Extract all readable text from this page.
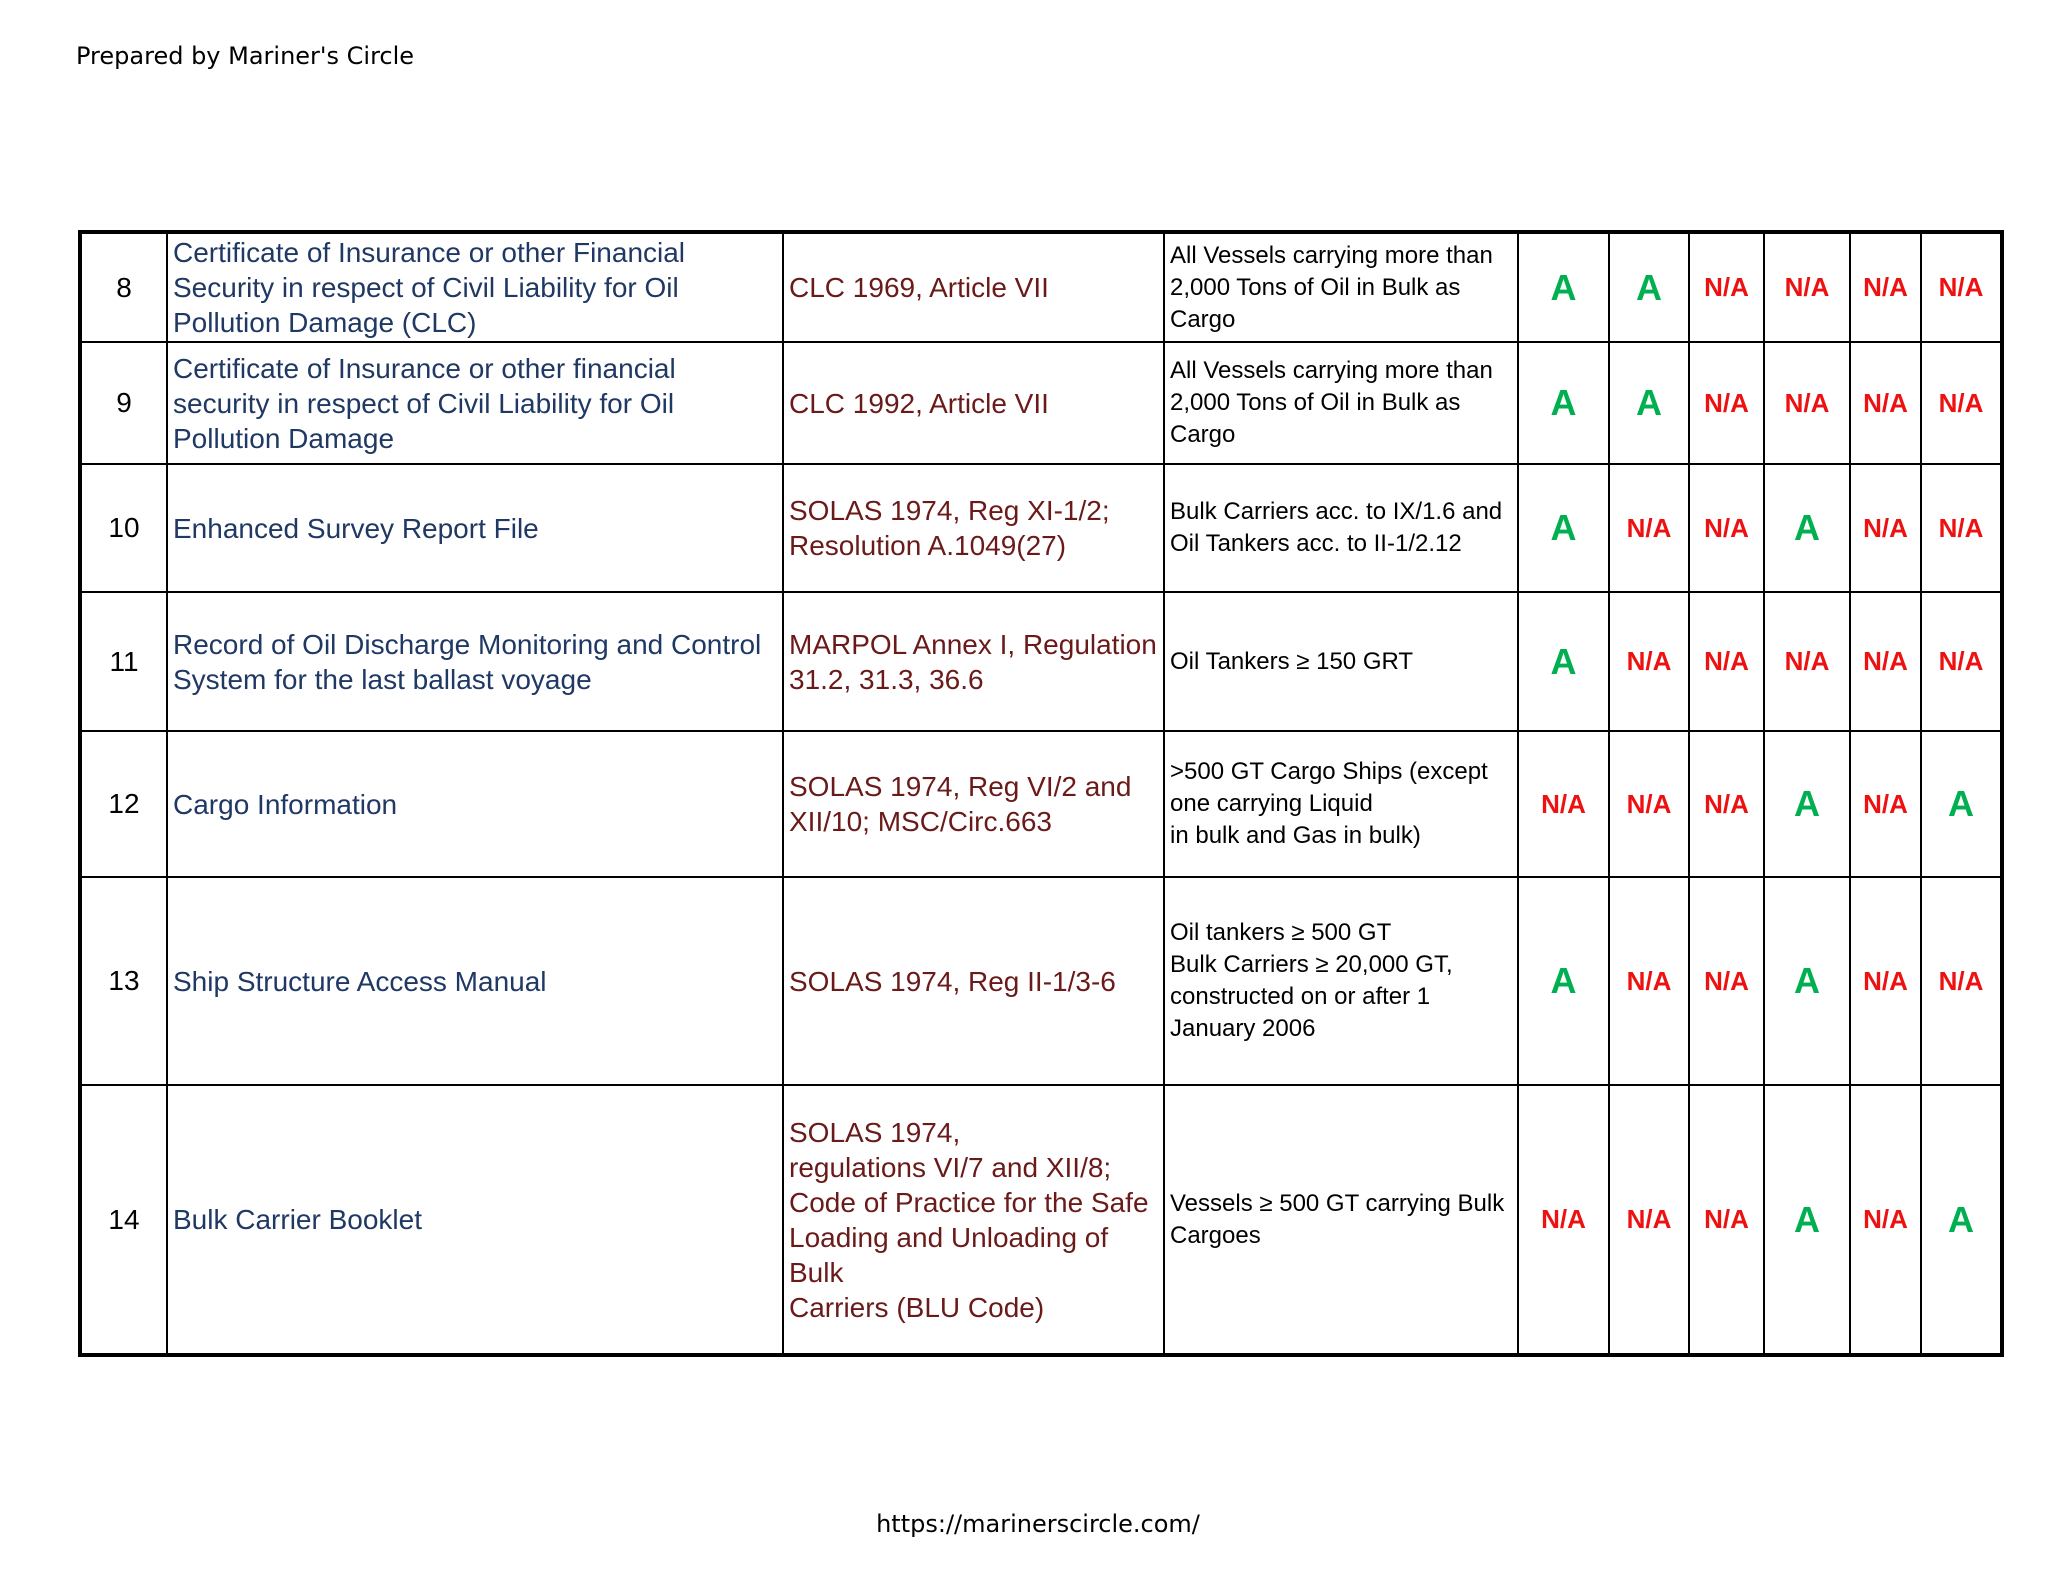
Prepared by Mariner's Circle
8	Certificate of Insurance or other Financial Security in respect of Civil Liability for Oil Pollution Damage (CLC)	CLC 1969, Article VII	All Vessels carrying more than
2,000 Tons of Oil in Bulk as Cargo	A	A	N/A	N/A	N/A	N/A
9	Certificate of Insurance or other financial security in respect of Civil Liability for Oil Pollution Damage	CLC 1992, Article VII	All Vessels carrying more than
2,000 Tons of Oil in Bulk as Cargo	A	A	N/A	N/A	N/A	N/A
10	Enhanced Survey Report File	SOLAS 1974, Reg XI-1/2; Resolution A.1049(27)	Bulk Carriers acc. to IX/1.6 and Oil Tankers acc. to II-1/2.12	A	N/A	N/A	A	N/A	N/A
11	Record of Oil Discharge Monitoring and Control System for the last ballast voyage	MARPOL Annex I, Regulation 31.2, 31.3, 36.6	Oil Tankers ≥ 150 GRT	A	N/A	N/A	N/A	N/A	N/A
12	Cargo Information	SOLAS 1974, Reg VI/2 and XII/10; MSC/Circ.663	>500 GT Cargo Ships (except one carrying Liquid
in bulk and Gas in bulk)	N/A	N/A	N/A	A	N/A	A
13	Ship Structure Access Manual	SOLAS 1974, Reg II-1/3-6	Oil tankers ≥ 500 GT
Bulk Carriers ≥ 20,000 GT, constructed on or after 1 January 2006	A	N/A	N/A	A	N/A	N/A
14	Bulk Carrier Booklet	SOLAS 1974,
regulations VI/7 and XII/8; Code of Practice for the Safe Loading and Unloading of Bulk
Carriers (BLU Code)	Vessels ≥ 500 GT carrying Bulk
Cargoes	N/A	N/A	N/A	A	N/A	A
https://marinerscircle.com/
